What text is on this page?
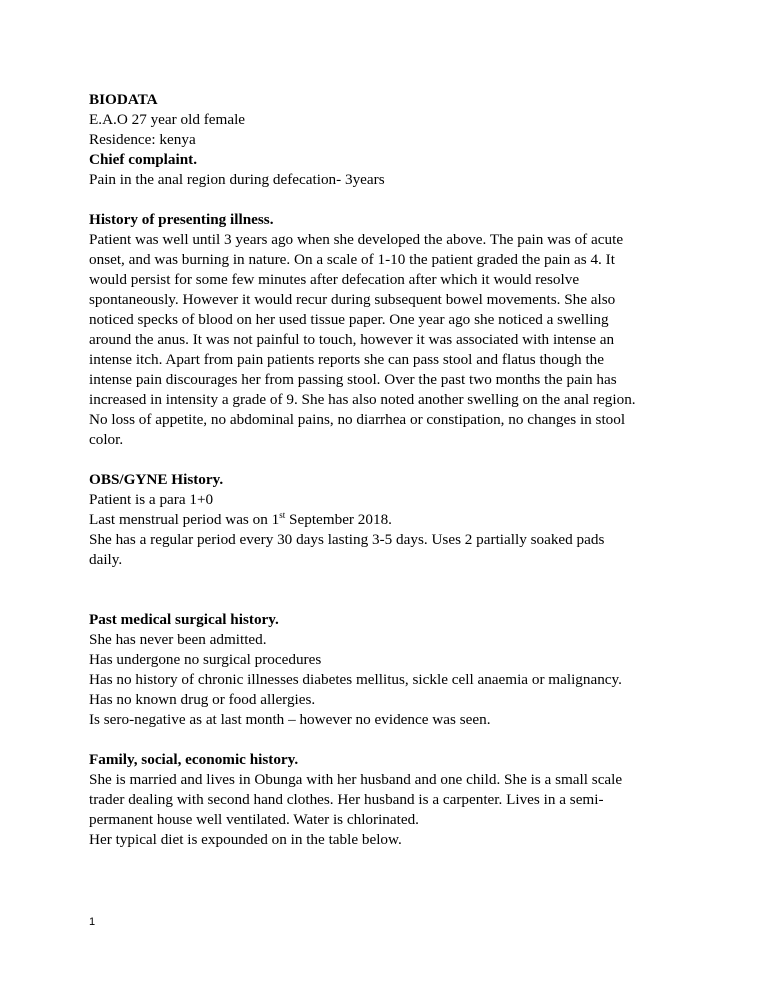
BIODATA
E.A.O 27 year old female
Residence: kenya
Chief complaint.
Pain in the anal region during defecation- 3years
History of presenting illness.
Patient was well until 3 years ago when she developed the above. The pain was of acute
onset, and was burning in nature. On a scale of 1-10 the patient graded the pain as 4. It
would persist for some few minutes after defecation after which it would resolve
spontaneously. However it would recur during subsequent bowel movements. She also
noticed specks of blood on her used tissue paper. One year ago she noticed a swelling
around the anus. It was not painful to touch, however it was associated with intense an
intense itch. Apart from pain patients reports she can pass stool and flatus though the
intense pain discourages her from passing stool. Over the past two months the pain has
increased in intensity a grade of 9. She has also noted another swelling on the anal region.
No loss of appetite, no abdominal pains, no diarrhea or constipation, no changes in stool
color.
OBS/GYNE History.
Patient is a para 1+0
Last menstrual period was on 1st September 2018.
She has a regular period every 30 days lasting 3-5 days. Uses 2 partially soaked pads
daily.
Past medical surgical history.
She has never been admitted.
Has undergone no surgical procedures
Has no history of chronic illnesses diabetes mellitus, sickle cell anaemia or malignancy.
Has no known drug or food allergies.
Is sero-negative as at last month – however no evidence was seen.
Family, social, economic history.
She is married and lives in Obunga with her husband and one child. She is a small scale
trader dealing with second hand clothes. Her husband is a carpenter. Lives in a semi-
permanent house well ventilated. Water is chlorinated.
Her typical diet is expounded on in the table below.
1
